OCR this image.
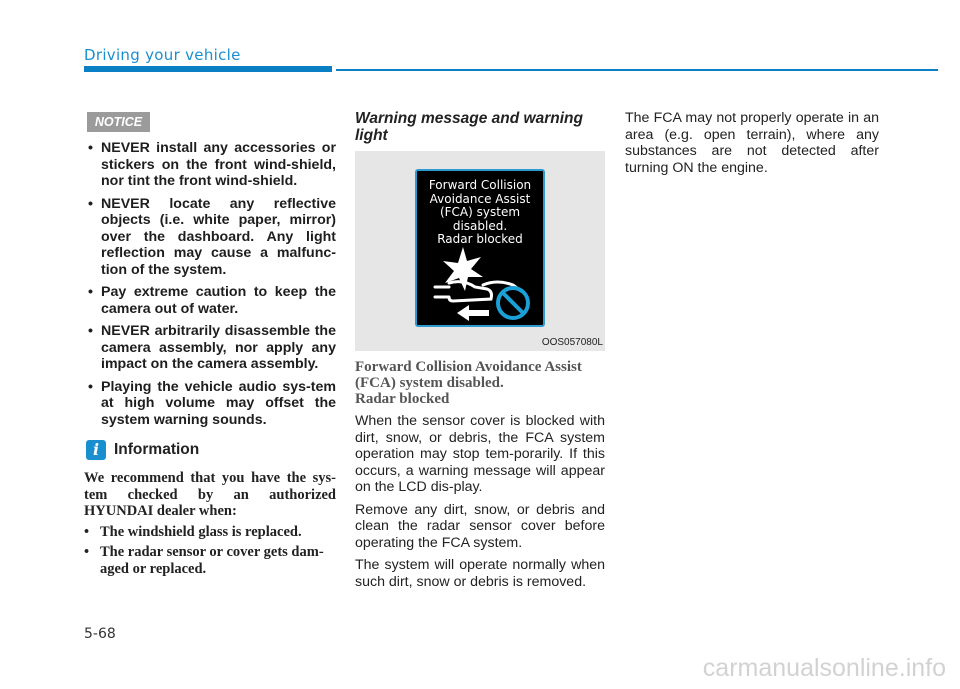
Driving your vehicle
NOTICE
• NEVER install any accessories or stickers on the front wind-shield, nor tint the front wind-shield.
• NEVER locate any reflective objects (i.e. white paper, mirror) over the dashboard. Any light reflection may cause a malfunc-tion of the system.
• Pay extreme caution to keep the camera out of water.
• NEVER arbitrarily disassemble the camera assembly, nor apply any impact on the camera assembly.
• Playing the vehicle audio sys-tem at high volume may offset the system warning sounds.
i Information

We recommend that you have the sys-tem checked by an authorized HYUNDAI dealer when:

• The windshield glass is replaced.
• The radar sensor or cover gets dam-aged or replaced.

Warning message and warning light

Forward Collision
Avoidance Assist
(FCA) system
disabled.
Radar blocked
OOS057080L
Forward Collision Avoidance Assist (FCA) system disabled.
Radar blocked

When the sensor cover is blocked with dirt, snow, or debris, the FCA system operation may stop tem-porarily. If this occurs, a warning message will appear on the LCD dis-play.

Remove any dirt, snow, or debris and clean the radar sensor cover before operating the FCA system.

The system will operate normally when such dirt, snow or debris is removed.

The FCA may not properly operate in an area (e.g. open terrain), where any substances are not detected after turning ON the engine.

5-68
carmanualsonline.info
